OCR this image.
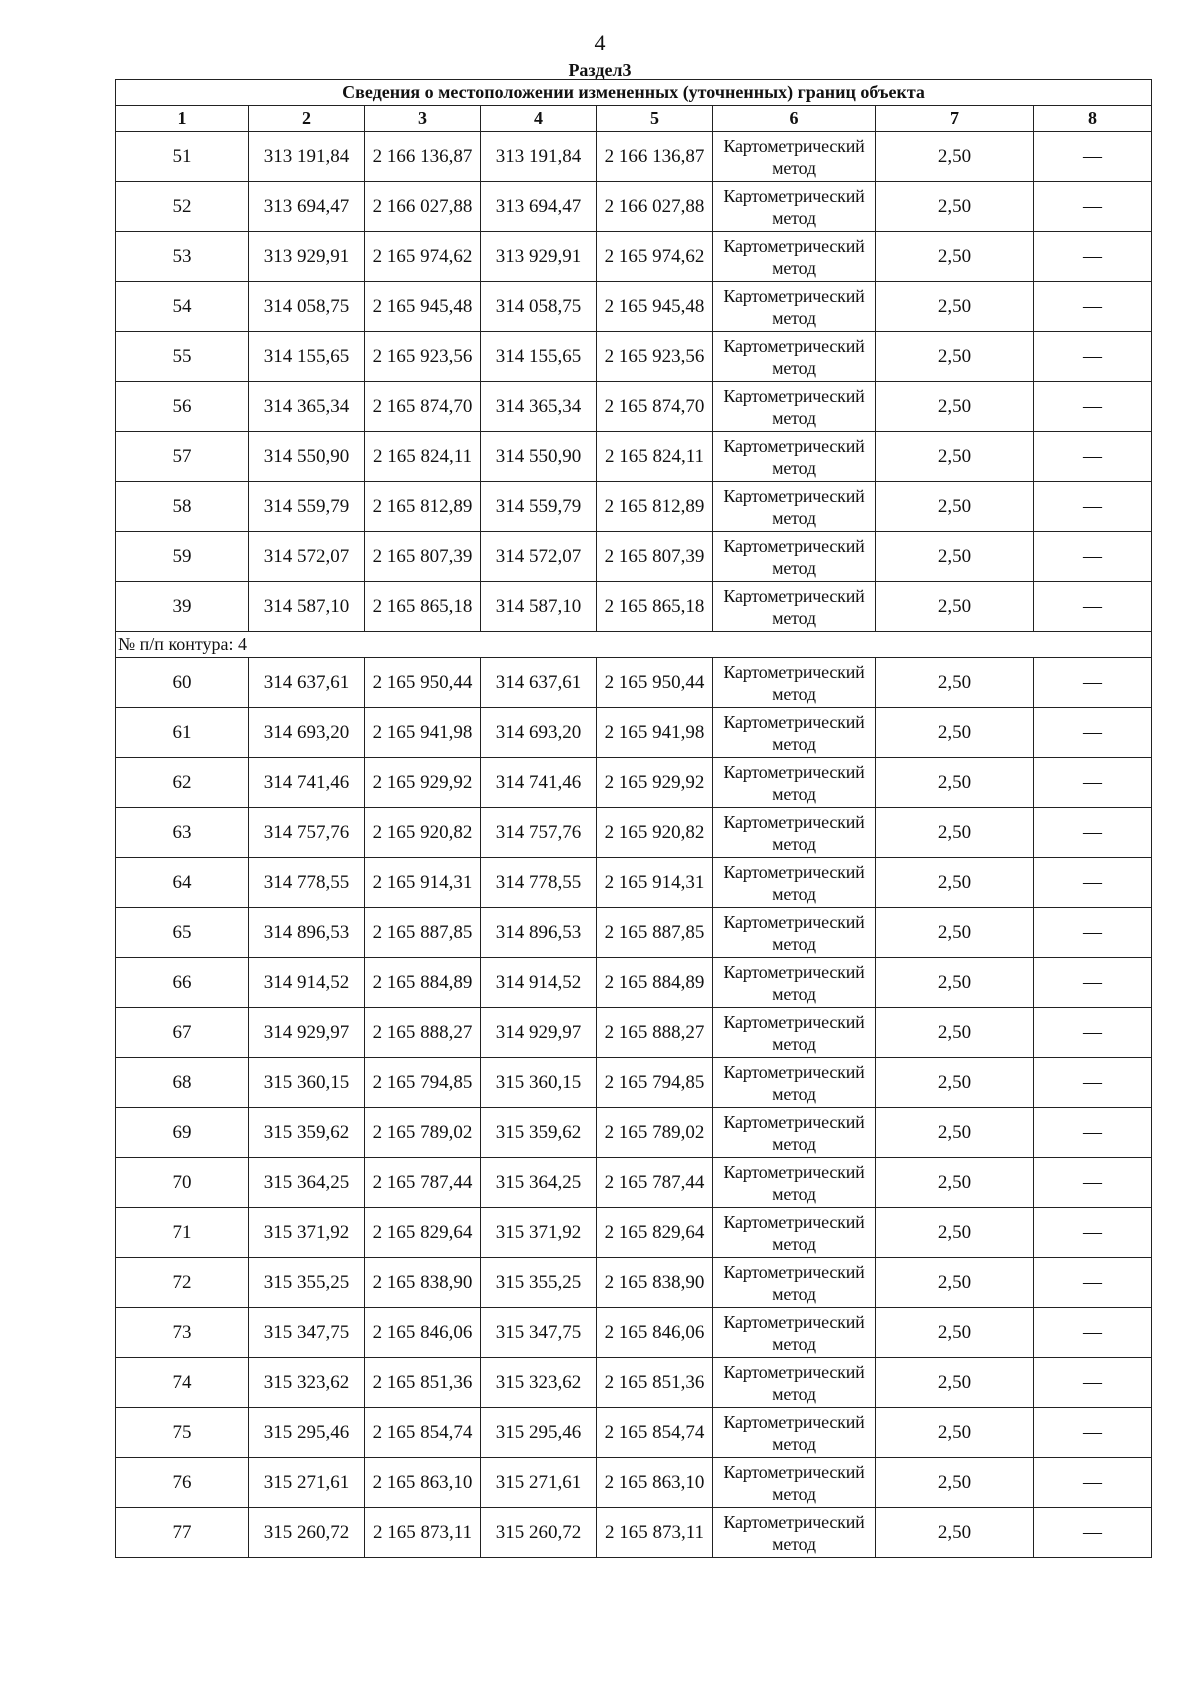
4
Раздел3
Сведения о местоположении измененных (уточненных) границ объекта							
1	2	3	4	5	6	7	8
51	313 191,84	2 166 136,87	313 191,84	2 166 136,87	Картометрический метод	2,50	—
52	313 694,47	2 166 027,88	313 694,47	2 166 027,88	Картометрический метод	2,50	—
53	313 929,91	2 165 974,62	313 929,91	2 165 974,62	Картометрический метод	2,50	—
54	314 058,75	2 165 945,48	314 058,75	2 165 945,48	Картометрический метод	2,50	—
55	314 155,65	2 165 923,56	314 155,65	2 165 923,56	Картометрический метод	2,50	—
56	314 365,34	2 165 874,70	314 365,34	2 165 874,70	Картометрический метод	2,50	—
57	314 550,90	2 165 824,11	314 550,90	2 165 824,11	Картометрический метод	2,50	—
58	314 559,79	2 165 812,89	314 559,79	2 165 812,89	Картометрический метод	2,50	—
59	314 572,07	2 165 807,39	314 572,07	2 165 807,39	Картометрический метод	2,50	—
39	314 587,10	2 165 865,18	314 587,10	2 165 865,18	Картометрический метод	2,50	—
№ п/п контура: 4							
60	314 637,61	2 165 950,44	314 637,61	2 165 950,44	Картометрический метод	2,50	—
61	314 693,20	2 165 941,98	314 693,20	2 165 941,98	Картометрический метод	2,50	—
62	314 741,46	2 165 929,92	314 741,46	2 165 929,92	Картометрический метод	2,50	—
63	314 757,76	2 165 920,82	314 757,76	2 165 920,82	Картометрический метод	2,50	—
64	314 778,55	2 165 914,31	314 778,55	2 165 914,31	Картометрический метод	2,50	—
65	314 896,53	2 165 887,85	314 896,53	2 165 887,85	Картометрический метод	2,50	—
66	314 914,52	2 165 884,89	314 914,52	2 165 884,89	Картометрический метод	2,50	—
67	314 929,97	2 165 888,27	314 929,97	2 165 888,27	Картометрический метод	2,50	—
68	315 360,15	2 165 794,85	315 360,15	2 165 794,85	Картометрический метод	2,50	—
69	315 359,62	2 165 789,02	315 359,62	2 165 789,02	Картометрический метод	2,50	—
70	315 364,25	2 165 787,44	315 364,25	2 165 787,44	Картометрический метод	2,50	—
71	315 371,92	2 165 829,64	315 371,92	2 165 829,64	Картометрический метод	2,50	—
72	315 355,25	2 165 838,90	315 355,25	2 165 838,90	Картометрический метод	2,50	—
73	315 347,75	2 165 846,06	315 347,75	2 165 846,06	Картометрический метод	2,50	—
74	315 323,62	2 165 851,36	315 323,62	2 165 851,36	Картометрический метод	2,50	—
75	315 295,46	2 165 854,74	315 295,46	2 165 854,74	Картометрический метод	2,50	—
76	315 271,61	2 165 863,10	315 271,61	2 165 863,10	Картометрический метод	2,50	—
77	315 260,72	2 165 873,11	315 260,72	2 165 873,11	Картометрический метод	2,50	—
